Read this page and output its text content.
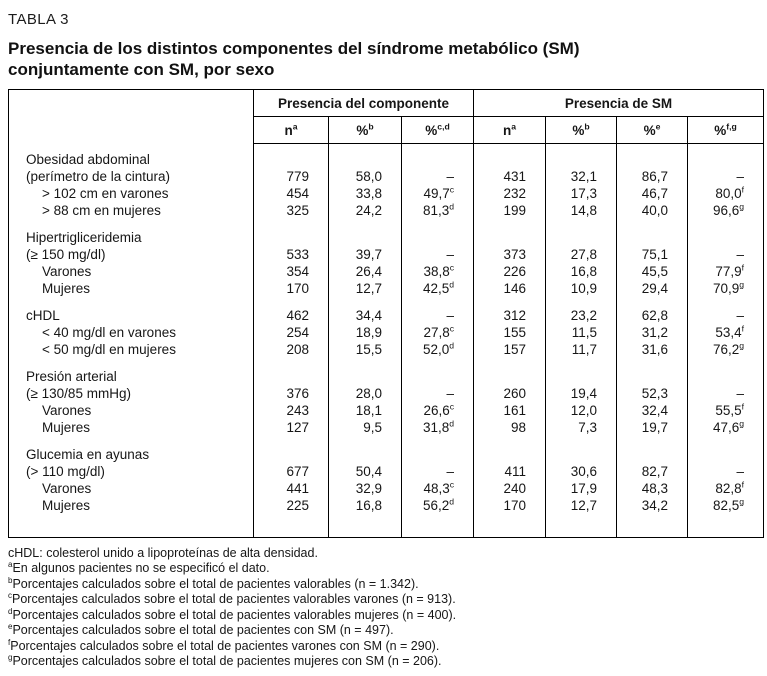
TABLA 3
Presencia de los distintos componentes del síndrome metabólico (SM)
conjuntamente con SM, por sexo
	Presencia del componente			Presencia de SM			
	$n^a$	%$^b$	%$^{c,d}$	$n^a$	%$^b$	%$^e$	%$^{f,g}$
Obesidad abdominal							
(perímetro de la cintura)	779	58,0	–	431	32,1	86,7	–
> 102 cm en varones	454	33,8	49,7$^c$	232	17,3	46,7	80,0$^f$
> 88 cm en mujeres	325	24,2	81,3$^d$	199	14,8	40,0	96,6$^g$
Hipertrigliceridemia							
(≥ 150 mg/dl)	533	39,7	–	373	27,8	75,1	–
Varones	354	26,4	38,8$^c$	226	16,8	45,5	77,9$^f$
Mujeres	170	12,7	42,5$^d$	146	10,9	29,4	70,9$^g$
cHDL	462	34,4	–	312	23,2	62,8	–
< 40 mg/dl en varones	254	18,9	27,8$^c$	155	11,5	31,2	53,4$^f$
< 50 mg/dl en mujeres	208	15,5	52,0$^d$	157	11,7	31,6	76,2$^g$
Presión arterial							
(≥ 130/85 mmHg)	376	28,0	–	260	19,4	52,3	–
Varones	243	18,1	26,6$^c$	161	12,0	32,4	55,5$^f$
Mujeres	127	9,5	31,8$^d$	98	7,3	19,7	47,6$^g$
Glucemia en ayunas							
(> 110 mg/dl)	677	50,4	–	411	30,6	82,7	–
Varones	441	32,9	48,3$^c$	240	17,9	48,3	82,8$^f$
Mujeres	225	16,8	56,2$^d$	170	12,7	34,2	82,5$^g$
cHDL: colesterol unido a lipoproteínas de alta densidad.
$^a$En algunos pacientes no se especificó el dato.
$^b$Porcentajes calculados sobre el total de pacientes valorables (n = 1.342).
$^c$Porcentajes calculados sobre el total de pacientes valorables varones (n = 913).
$^d$Porcentajes calculados sobre el total de pacientes valorables mujeres (n = 400).
$^e$Porcentajes calculados sobre el total de pacientes con SM (n = 497).
$^f$Porcentajes calculados sobre el total de pacientes varones con SM (n = 290).
$^g$Porcentajes calculados sobre el total de pacientes mujeres con SM (n = 206).
